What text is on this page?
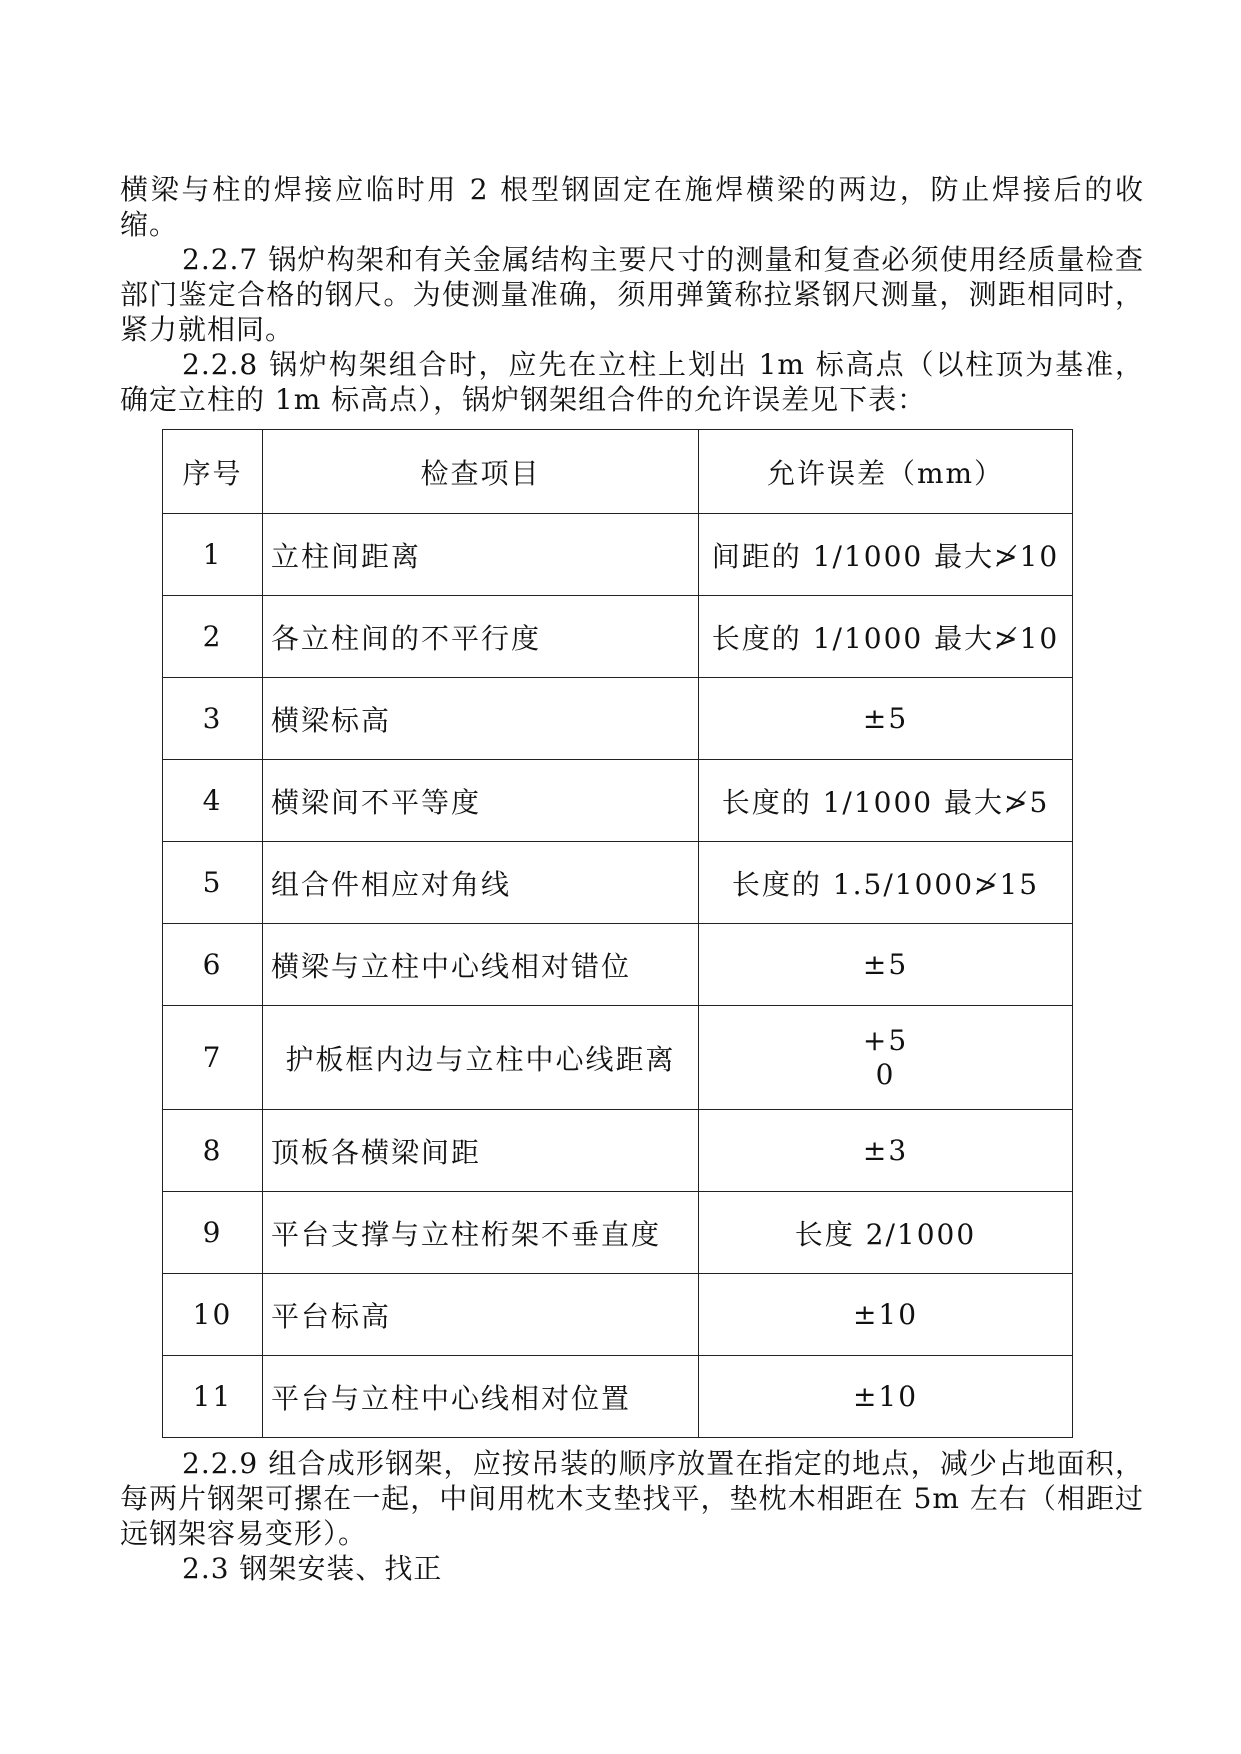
横梁与柱的焊接应临时用 2 根型钢固定在施焊横梁的两边，防止焊接后的收缩。

2.2.7 锅炉构架和有关金属结构主要尺寸的测量和复查必须使用经质量检查部门鉴定合格的钢尺。为使测量准确，须用弹簧称拉紧钢尺测量，测距相同时，紧力就相同。

2.2.8 锅炉构架组合时，应先在立柱上划出 1m 标高点（以柱顶为基准，确定立柱的 1m 标高点），锅炉钢架组合件的允许误差见下表：

序号	检查项目	允许误差（mm）
1	立柱间距离	间距的 1/1000 最大≯10
2	各立柱间的不平行度	长度的 1/1000 最大≯10
3	横梁标高	±5
4	横梁间不平等度	长度的 1/1000 最大≯5
5	组合件相应对角线	长度的 1.5/1000≯15
6	横梁与立柱中心线相对错位	±5
7	护板框内边与立柱中心线距离	+5
0

8	顶板各横梁间距	±3
9	平台支撑与立柱桁架不垂直度	长度 2/1000
10	平台标高	±10
11	平台与立柱中心线相对位置	±10

2.2.9 组合成形钢架，应按吊装的顺序放置在指定的地点，减少占地面积，每两片钢架可摞在一起，中间用枕木支垫找平，垫枕木相距在 5m 左右（相距过远钢架容易变形）。

2.3 钢架安装、找正
